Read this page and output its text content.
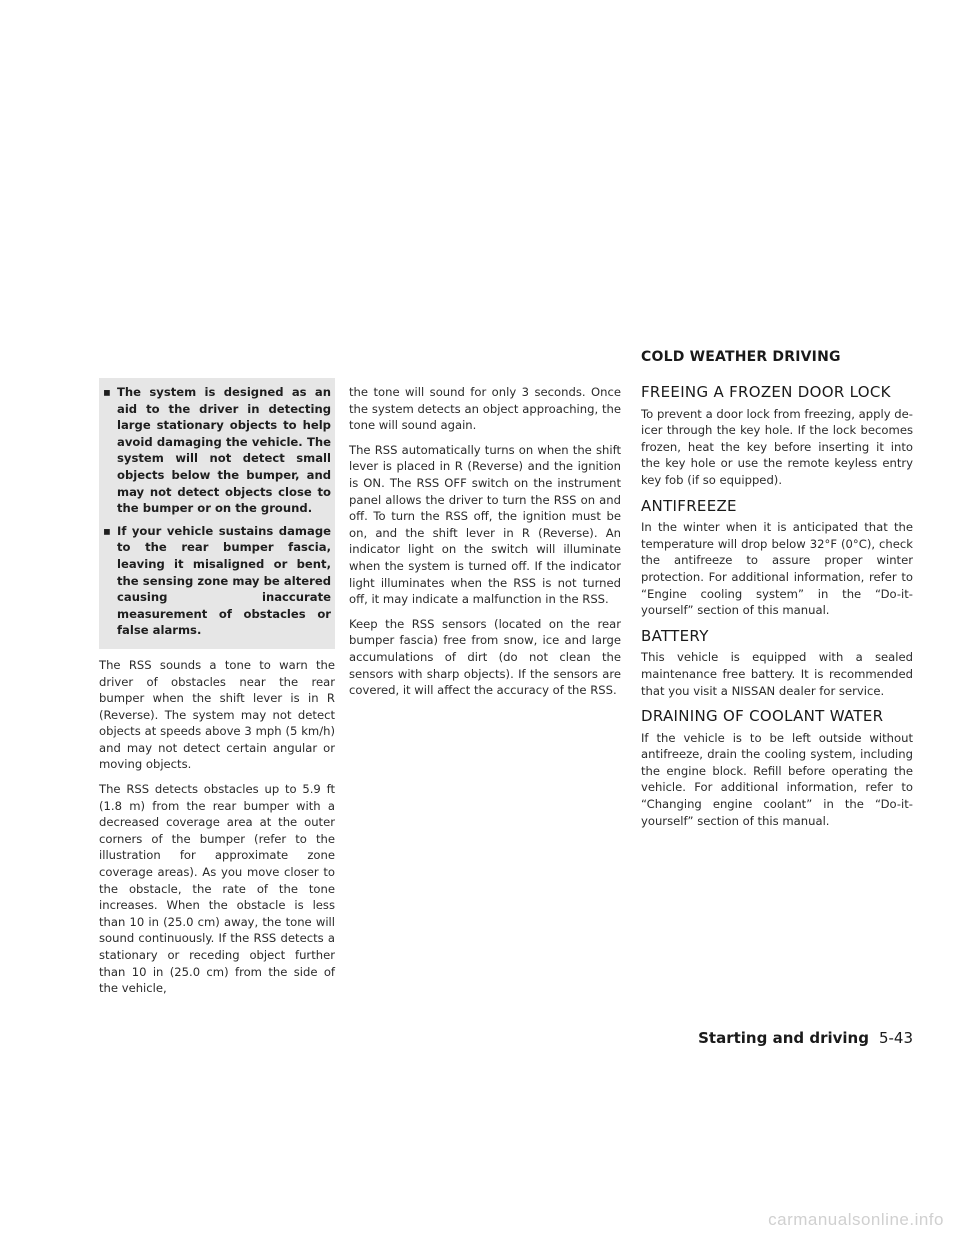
COLD WEATHER DRIVING
▪ The system is designed as an aid to the driver in detecting large stationary objects to help avoid damaging the vehicle. The system will not detect small objects below the bumper, and may not detect objects close to the bumper or on the ground.
▪ If your vehicle sustains damage to the rear bumper fascia, leaving it misaligned or bent, the sensing zone may be altered causing inaccurate measurement of obstacles or false alarms.

The RSS sounds a tone to warn the driver of obstacles near the rear bumper when the shift lever is in R (Reverse). The system may not detect objects at speeds above 3 mph (5 km/h) and may not detect certain angular or moving objects.

The RSS detects obstacles up to 5.9 ft (1.8 m) from the rear bumper with a decreased coverage area at the outer corners of the bumper (refer to the illustration for approximate zone coverage areas). As you move closer to the obstacle, the rate of the tone increases. When the obstacle is less than 10 in (25.0 cm) away, the tone will sound continuously. If the RSS detects a stationary or receding object further than 10 in (25.0 cm) from the side of the vehicle,

the tone will sound for only 3 seconds. Once the system detects an object approaching, the tone will sound again.

The RSS automatically turns on when the shift lever is placed in R (Reverse) and the ignition is ON. The RSS OFF switch on the instrument panel allows the driver to turn the RSS on and off. To turn the RSS off, the ignition must be on, and the shift lever in R (Reverse). An indicator light on the switch will illuminate when the system is turned off. If the indicator light illuminates when the RSS is not turned off, it may indicate a malfunction in the RSS.

Keep the RSS sensors (located on the rear bumper fascia) free from snow, ice and large accumulations of dirt (do not clean the sensors with sharp objects). If the sensors are covered, it will affect the accuracy of the RSS.

FREEING A FROZEN DOOR LOCK

To prevent a door lock from freezing, apply de-icer through the key hole. If the lock becomes frozen, heat the key before inserting it into the key hole or use the remote keyless entry key fob (if so equipped).

ANTIFREEZE

In the winter when it is anticipated that the temperature will drop below 32°F (0°C), check the antifreeze to assure proper winter protection. For additional information, refer to “Engine cooling system” in the “Do-it-yourself” section of this manual.

BATTERY

This vehicle is equipped with a sealed maintenance free battery. It is recommended that you visit a NISSAN dealer for service.

DRAINING OF COOLANT WATER

If the vehicle is to be left outside without antifreeze, drain the cooling system, including the engine block. Refill before operating the vehicle. For additional information, refer to “Changing engine coolant” in the “Do-it-yourself” section of this manual.

Starting and driving 5-43
carmanualsonline.info
